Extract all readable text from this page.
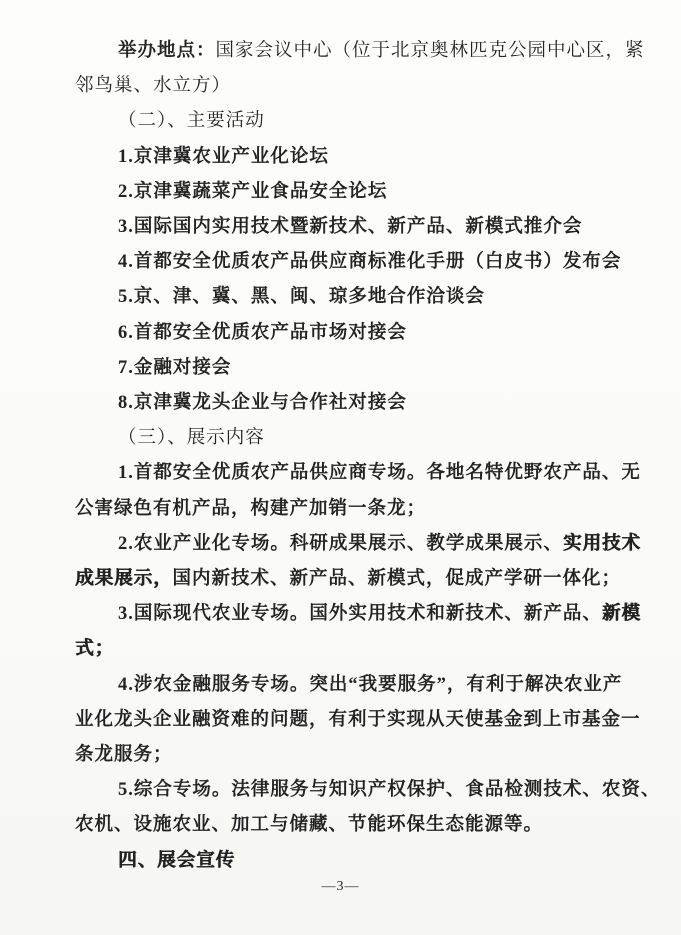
举办地点：国家会议中心（位于北京奥林匹克公园中心区，紧
邻鸟巢、水立方）
（二）、主要活动
1.京津冀农业产业化论坛
2.京津冀蔬菜产业食品安全论坛
3.国际国内实用技术暨新技术、新产品、新模式推介会
4.首都安全优质农产品供应商标准化手册（白皮书）发布会
5.京、津、冀、黑、闽、琼多地合作洽谈会
6.首都安全优质农产品市场对接会
7.金融对接会
8.京津冀龙头企业与合作社对接会
（三）、展示内容
1.首都安全优质农产品供应商专场。各地名特优野农产品、无
公害绿色有机产品，构建产加销一条龙；
2.农业产业化专场。科研成果展示、教学成果展示、实用技术
成果展示，国内新技术、新产品、新模式，促成产学研一体化；
3.国际现代农业专场。国外实用技术和新技术、新产品、新模
式；
4.涉农金融服务专场。突出“我要服务”，有利于解决农业产
业化龙头企业融资难的问题，有利于实现从天使基金到上市基金一
条龙服务；
5.综合专场。法律服务与知识产权保护、食品检测技术、农资、
农机、设施农业、加工与储藏、节能环保生态能源等。
四、展会宣传
—3—
